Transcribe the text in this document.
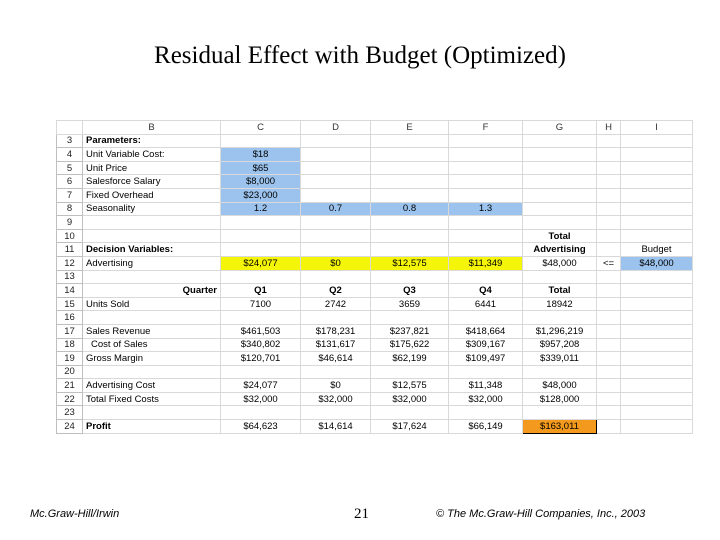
Residual Effect with Budget (Optimized)
	B	C	D	E	F	G	H	I
3	Parameters:							
4	Unit Variable Cost:	$18						
5	Unit Price	$65						
6	Salesforce Salary	$8,000						
7	Fixed Overhead	$23,000						
8	Seasonality	1.2	0.7	0.8	1.3			
9								
10						Total		
11	Decision Variables:					Advertising		Budget
12	Advertising	$24,077	$0	$12,575	$11,349	$48,000	<=	$48,000
13								
14	Quarter	Q1	Q2	Q3	Q4	Total		
15	Units Sold	7100	2742	3659	6441	18942		
16								
17	Sales Revenue	$461,503	$178,231	$237,821	$418,664	$1,296,219		
18	Cost of Sales	$340,802	$131,617	$175,622	$309,167	$957,208		
19	Gross Margin	$120,701	$46,614	$62,199	$109,497	$339,011		
20								
21	Advertising Cost	$24,077	$0	$12,575	$11,348	$48,000		
22	Total Fixed Costs	$32,000	$32,000	$32,000	$32,000	$128,000		
23								
24	Profit	$64,623	$14,614	$17,624	$66,149	$163,011		
Mc.Graw-Hill/Irwin	21	© The Mc.Graw-Hill Companies, Inc., 2003
